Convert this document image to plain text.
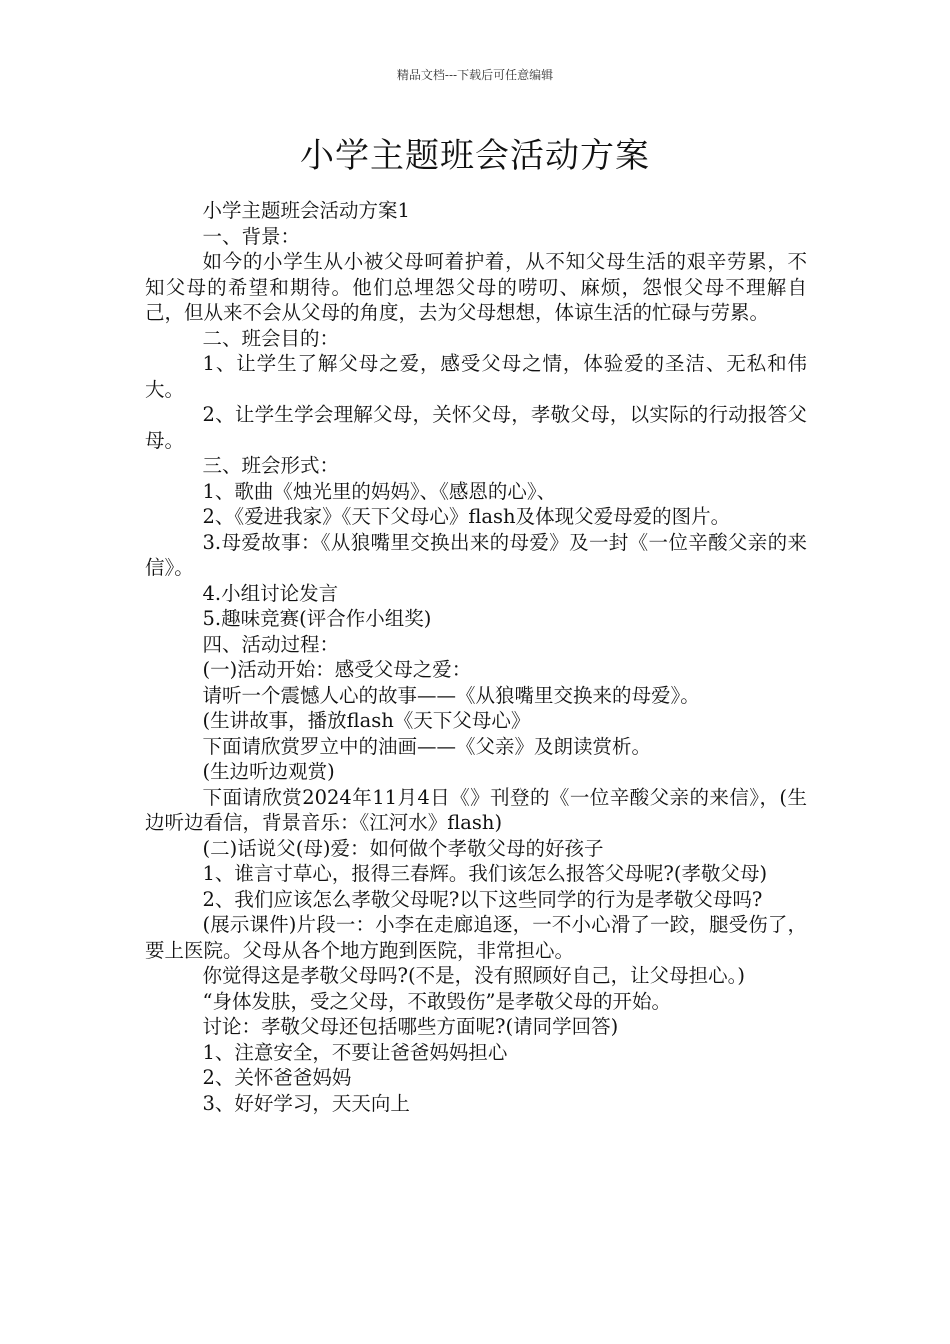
精品文档---下载后可任意编辑
小学主题班会活动方案

小学主题班会活动方案1

一、背景：

如今的小学生从小被父母呵着护着，从不知父母生活的艰辛劳累，不知父母的希望和期待。他们总埋怨父母的唠叨、麻烦，怨恨父母不理解自己，但从来不会从父母的角度，去为父母想想，体谅生活的忙碌与劳累。

二、班会目的：

1、让学生了解父母之爱，感受父母之情，体验爱的圣洁、无私和伟大。

2、让学生学会理解父母，关怀父母，孝敬父母，以实际的行动报答父母。

三、班会形式：

1、歌曲《烛光里的妈妈》、《感恩的心》、

2、《爱进我家》《天下父母心》flash及体现父爱母爱的图片。

3.母爱故事：《从狼嘴里交换出来的母爱》及一封《一位辛酸父亲的来信》。

4.小组讨论发言

5.趣味竞赛(评合作小组奖)

四、活动过程：

(一)活动开始：感受父母之爱：

请听一个震憾人心的故事——《从狼嘴里交换来的母爱》。

(生讲故事，播放flash《天下父母心》

下面请欣赏罗立中的油画——《父亲》及朗读赏析。

(生边听边观赏)

下面请欣赏2024年11月4日《》刊登的《一位辛酸父亲的来信》，(生边听边看信，背景音乐：《江河水》flash)

(二)话说父(母)爱：如何做个孝敬父母的好孩子

1、谁言寸草心，报得三春辉。我们该怎么报答父母呢?(孝敬父母)

2、我们应该怎么孝敬父母呢?以下这些同学的行为是孝敬父母吗?

(展示课件)片段一：小李在走廊追逐，一不小心滑了一跤，腿受伤了，要上医院。父母从各个地方跑到医院，非常担心。

你觉得这是孝敬父母吗?(不是，没有照顾好自己，让父母担心。)

“身体发肤，受之父母，不敢毁伤”是孝敬父母的开始。

讨论：孝敬父母还包括哪些方面呢?(请同学回答)

1、注意安全，不要让爸爸妈妈担心

2、关怀爸爸妈妈

3、好好学习，天天向上
